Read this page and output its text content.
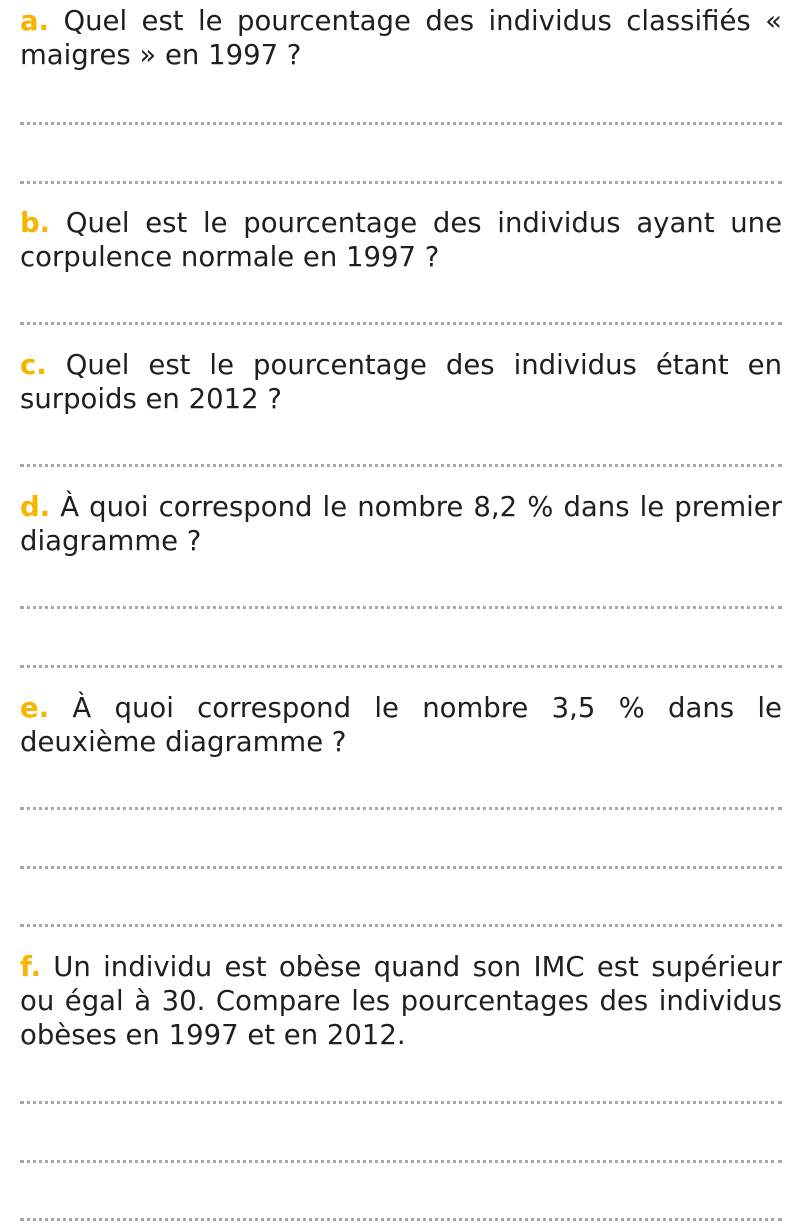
a. Quel est le pourcentage des individus classifiés « maigres » en 1997 ?

b. Quel est le pourcentage des individus ayant une corpulence normale en 1997 ?

c. Quel est le pourcentage des individus étant en surpoids en 2012 ?

d. À quoi correspond le nombre 8,2 % dans le premier diagramme ?

e. À quoi correspond le nombre 3,5 % dans le deuxième diagramme ?

f. Un individu est obèse quand son IMC est supérieur ou égal à 30. Compare les pourcentages des individus obèses en 1997 et en 2012.
